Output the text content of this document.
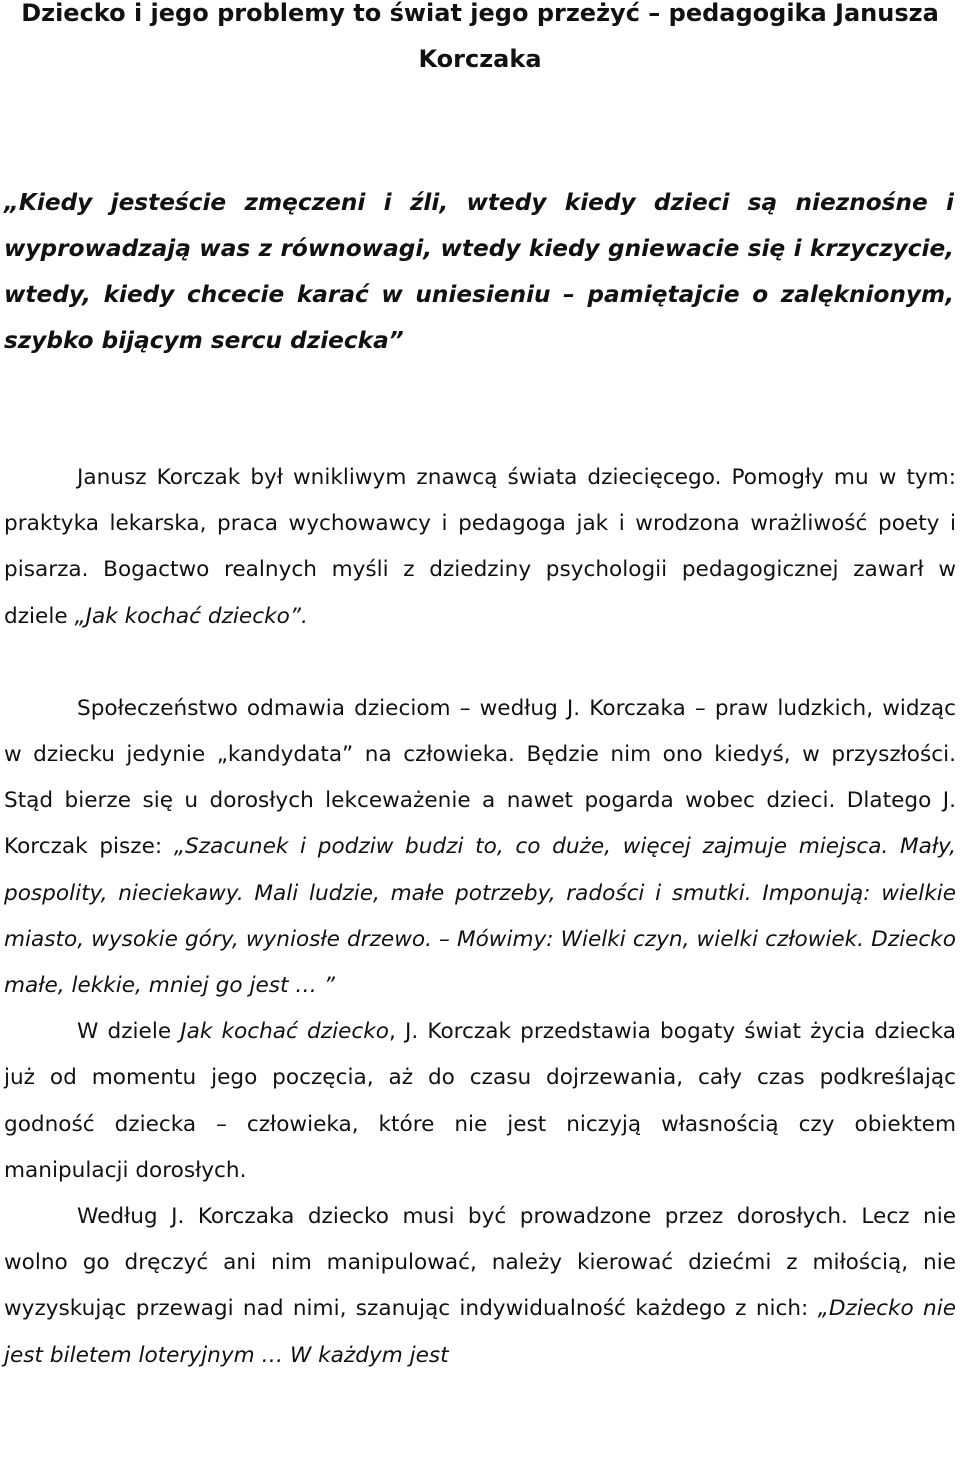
Dziecko i jego problemy to świat jego przeżyć – pedagogika Janusza Korczaka

„Kiedy jesteście zmęczeni i źli, wtedy kiedy dzieci są nieznośne i wyprowadzają was z równowagi, wtedy kiedy gniewacie się i krzyczycie, wtedy, kiedy chcecie karać w uniesieniu – pamiętajcie o zalęknionym, szybko bijącym sercu dziecka”

Janusz Korczak był wnikliwym znawcą świata dziecięcego. Pomogły mu w tym: praktyka lekarska, praca wychowawcy i pedagoga jak i wrodzona wrażliwość poety i pisarza. Bogactwo realnych myśli z dziedziny psychologii pedagogicznej zawarł w dziele „Jak kochać dziecko”.

Społeczeństwo odmawia dzieciom – według J. Korczaka – praw ludzkich, widząc w dziecku jedynie „kandydata” na człowieka. Będzie nim ono kiedyś, w przyszłości. Stąd bierze się u dorosłych lekceważenie a nawet pogarda wobec dzieci. Dlatego J. Korczak pisze: „Szacunek i podziw budzi to, co duże, więcej zajmuje miejsca. Mały, pospolity, nieciekawy. Mali ludzie, małe potrzeby, radości i smutki. Imponują: wielkie miasto, wysokie góry, wyniosłe drzewo. – Mówimy: Wielki czyn, wielki człowiek. Dziecko małe, lekkie, mniej go jest … ”

W dziele Jak kochać dziecko, J. Korczak przedstawia bogaty świat życia dziecka już od momentu jego poczęcia, aż do czasu dojrzewania, cały czas podkreślając godność dziecka – człowieka, które nie jest niczyją własnością czy obiektem manipulacji dorosłych.

Według J. Korczaka dziecko musi być prowadzone przez dorosłych. Lecz nie wolno go dręczyć ani nim manipulować, należy kierować dziećmi z miłością, nie wyzyskując przewagi nad nimi, szanując indywidualność każdego z nich: „Dziecko nie jest biletem loteryjnym … W każdym jest
